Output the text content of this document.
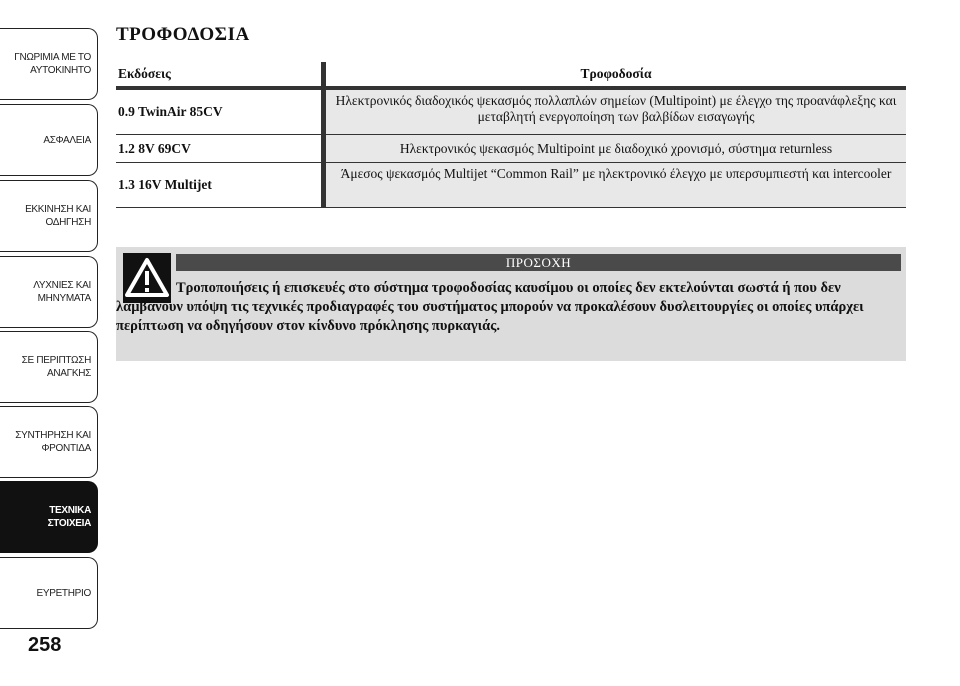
ΓΝΩΡΙΜΙΑ ΜΕ ΤΟ
ΑΥΤΟΚΙΝΗΤΟ
ΑΣΦΑΛΕΙΑ
ΕΚΚΙΝΗΣΗ ΚΑΙ
ΟΔΗΓΗΣΗ
ΛΥΧΝΙΕΣ ΚΑΙ
ΜΗΝΥΜΑΤΑ
ΣΕ ΠΕΡΙΠΤΩΣΗ
ΑΝΑΓΚΗΣ
ΣΥΝΤΗΡΗΣΗ ΚΑΙ
ΦΡΟΝΤΙΔΑ
ΤΕΧΝΙΚΑ
ΣΤΟΙΧΕΙΑ
ΕΥΡΕΤΗΡΙΟ
258
ΤΡΟΦΟΔΟΣΙΑ
Εκδόσεις	Τροφοδοσία
0.9 TwinAir 85CV
Ηλεκτρονικός διαδοχικός ψεκασμός πολλαπλών σημείων (Multipoint) με έλεγχο της προανάφλεξης και μεταβλητή ενεργοποίηση των βαλβίδων εισαγωγής
1.2 8V 69CV	Ηλεκτρονικός ψεκασμός Multipoint με διαδοχικό χρονισμό, σύστημα returnless
1.3 16V Multijet
Άμεσος ψεκασμός Multijet “Common Rail” με ηλεκτρονικό έλεγχο με υπερσυμπιεστή και intercooler
ΠΡΟΣΟΧΗ
Τροποποιήσεις ή επισκευές στο σύστημα τροφοδοσίας καυσίμου οι οποίες δεν εκτελούνται σωστά ή που δεν λαμβάνουν υπόψη τις τεχνικές προδιαγραφές του συστήματος μπορούν να προκαλέσουν δυσλειτουργίες οι οποίες υπάρχει περίπτωση να οδηγήσουν στον κίνδυνο πρόκλησης πυρκαγιάς.
